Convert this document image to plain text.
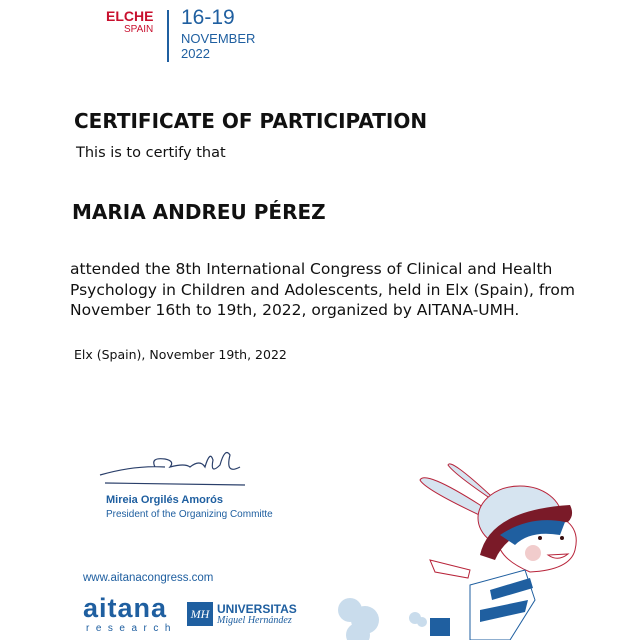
ELCHE
SPAIN
16-19
NOVEMBER
2022
CERTIFICATE OF PARTICIPATION
This is to certify that
MARIA ANDREU PÉREZ
attended the 8th International Congress of Clinical and Health Psychology in Children and Adolescents, held in Elx (Spain), from November 16th to 19th, 2022, organized by AITANA-UMH.
Elx (Spain), November 19th, 2022
Mireia Orgilés Amorós
President of the Organizing Committe
www.aitanacongress.com
aitana
research
MH UNIVERSITAS
Miguel Hernández
